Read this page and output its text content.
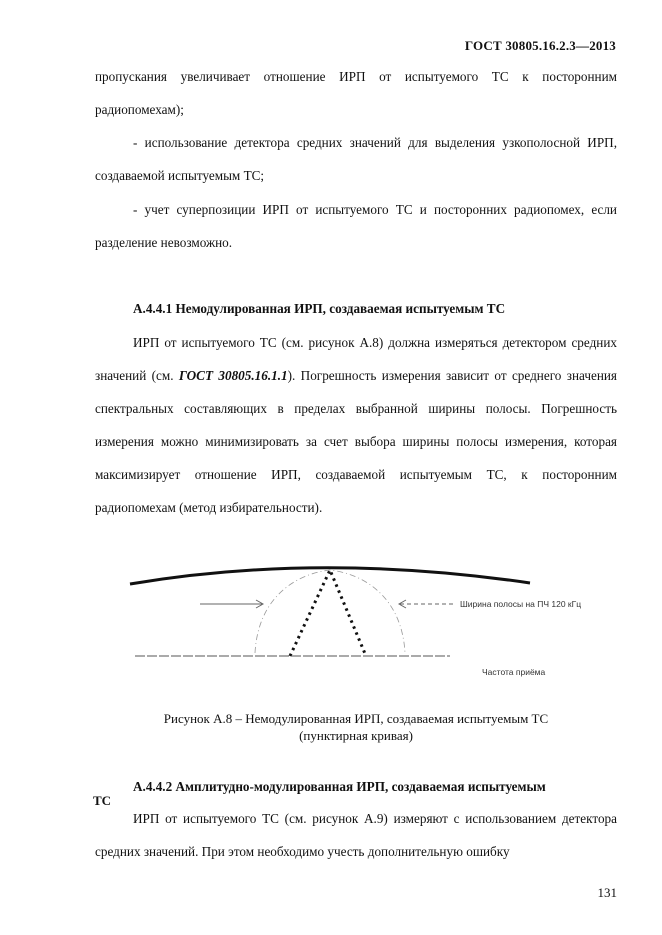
ГОСТ 30805.16.2.3—2013

пропускания увеличивает отношение ИРП от испытуемого ТС к посторонним радиопомехам);

- использование детектора средних значений для выделения узкополосной ИРП, создаваемой испытуемым ТС;

- учет суперпозиции ИРП от испытуемого ТС и посторонних радиопомех, если разделение невозможно.

А.4.4.1 Немодулированная ИРП, создаваемая испытуемым ТС

ИРП от испытуемого ТС (см. рисунок А.8) должна измеряться детектором средних значений (см. ГОСТ 30805.16.1.1). Погрешность измерения зависит от среднего значения спектральных составляющих в пределах выбранной ширины полосы. Погрешность измерения можно минимизировать за счет выбора ширины полосы измерения, которая максимизирует отношение ИРП, создаваемой испытуемым ТС, к посторонним радиопомехам (метод избирательности).

Ширина полосы на ПЧ 120 кГц
Частота приёма
Рисунок А.8 – Немодулированная ИРП, создаваемая испытуемым ТС
(пунктирная кривая)

А.4.4.2 Амплитудно-модулированная ИРП, создаваемая испытуемым

ТС

ИРП от испытуемого ТС (см. рисунок А.9) измеряют с использованием детектора средних значений. При этом необходимо учесть дополнительную ошибку

131
